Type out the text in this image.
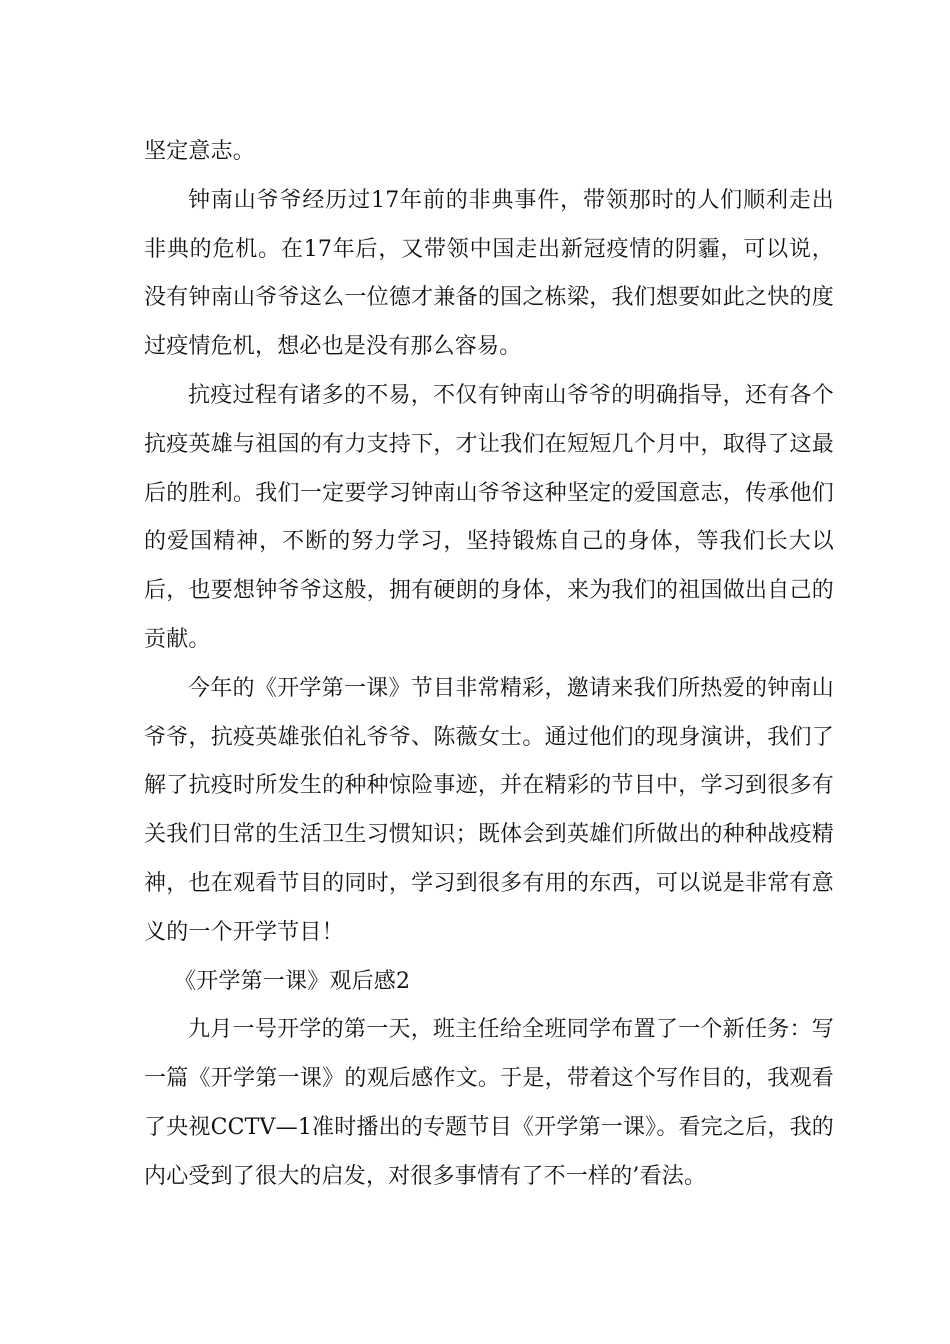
坚定意志。

钟南山爷爷经历过17年前的非典事件，带领那时的人们顺利走出非典的危机。在17年后，又带领中国走出新冠疫情的阴霾，可以说，没有钟南山爷爷这么一位德才兼备的国之栋梁，我们想要如此之快的度过疫情危机，想必也是没有那么容易。

抗疫过程有诸多的不易，不仅有钟南山爷爷的明确指导，还有各个抗疫英雄与祖国的有力支持下，才让我们在短短几个月中，取得了这最后的胜利。我们一定要学习钟南山爷爷这种坚定的爱国意志，传承他们的爱国精神，不断的努力学习，坚持锻炼自己的身体，等我们长大以后，也要想钟爷爷这般，拥有硬朗的身体，来为我们的祖国做出自己的贡献。

今年的《开学第一课》节目非常精彩，邀请来我们所热爱的钟南山爷爷，抗疫英雄张伯礼爷爷、陈薇女士。通过他们的现身演讲，我们了解了抗疫时所发生的种种惊险事迹，并在精彩的节目中，学习到很多有关我们日常的生活卫生习惯知识；既体会到英雄们所做出的种种战疫精神，也在观看节目的同时，学习到很多有用的东西，可以说是非常有意义的一个开学节目！

《开学第一课》观后感2

九月一号开学的第一天，班主任给全班同学布置了一个新任务：写一篇《开学第一课》的观后感作文。于是，带着这个写作目的，我观看了央视CCTV—1准时播出的专题节目《开学第一课》。看完之后，我的内心受到了很大的启发，对很多事情有了不一样的’看法。
